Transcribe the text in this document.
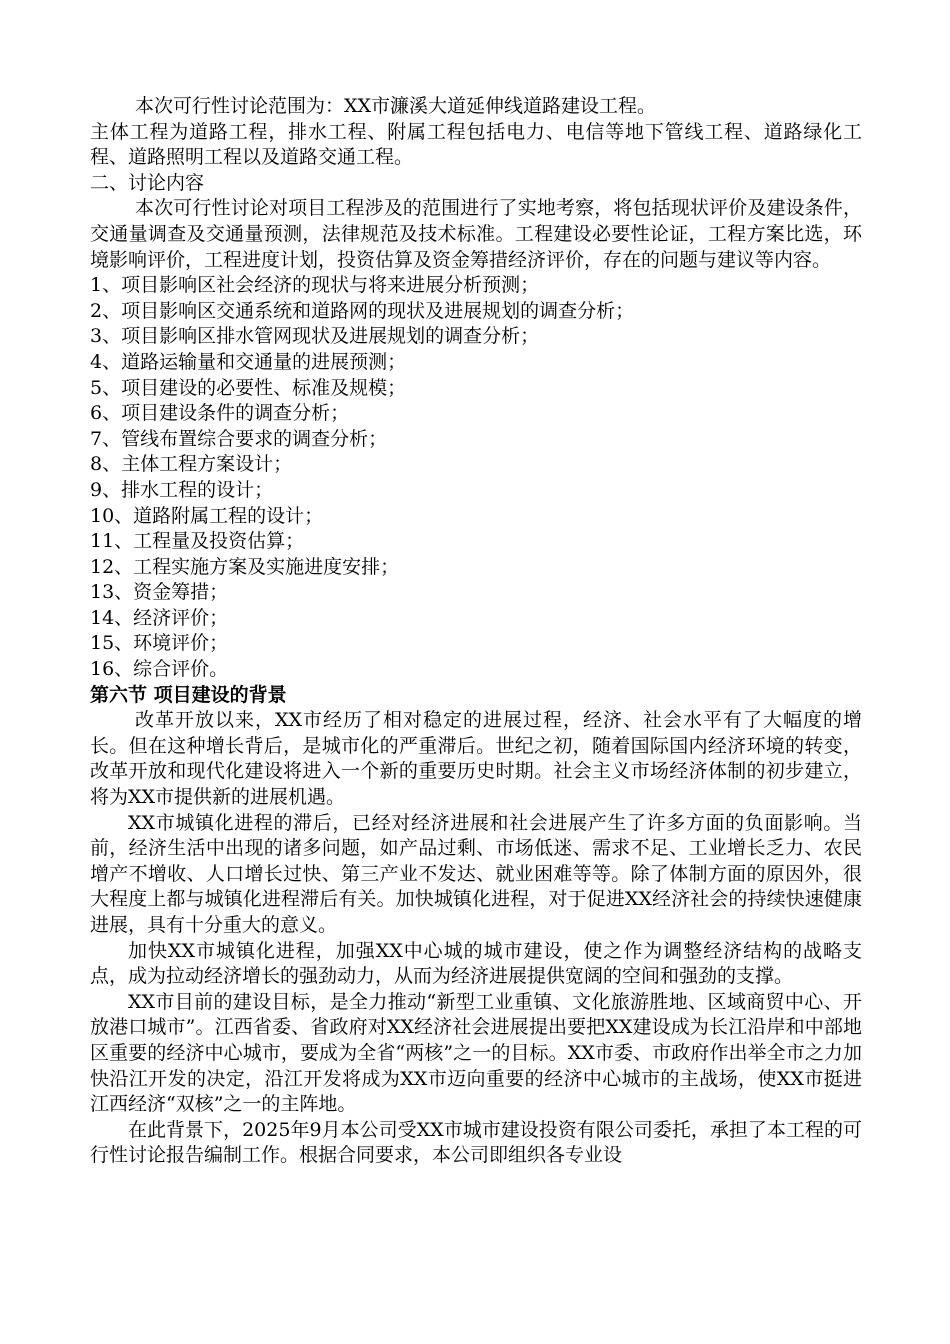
本次可行性讨论范围为：XX市濂溪大道延伸线道路建设工程。

主体工程为道路工程，排水工程、附属工程包括电力、电信等地下管线工程、道路绿化工程、道路照明工程以及道路交通工程。

二、讨论内容

本次可行性讨论对项目工程涉及的范围进行了实地考察，将包括现状评价及建设条件，交通量调查及交通量预测，法律规范及技术标准。工程建设必要性论证，工程方案比选，环境影响评价，工程进度计划，投资估算及资金筹措经济评价，存在的问题与建议等内容。

1、项目影响区社会经济的现状与将来进展分析预测；

2、项目影响区交通系统和道路网的现状及进展规划的调查分析；

3、项目影响区排水管网现状及进展规划的调查分析；

4、道路运输量和交通量的进展预测；

5、项目建设的必要性、标准及规模；

6、项目建设条件的调查分析；

7、管线布置综合要求的调查分析；

8、主体工程方案设计；

9、排水工程的设计；

10、道路附属工程的设计；

11、工程量及投资估算；

12、工程实施方案及实施进度安排；

13、资金筹措；

14、经济评价；

15、环境评价；

16、综合评价。

第六节 项目建设的背景

改革开放以来，XX市经历了相对稳定的进展过程，经济、社会水平有了大幅度的增长。但在这种增长背后，是城市化的严重滞后。世纪之初，随着国际国内经济环境的转变，改革开放和现代化建设将进入一个新的重要历史时期。社会主义市场经济体制的初步建立，将为XX市提供新的进展机遇。

XX市城镇化进程的滞后，已经对经济进展和社会进展产生了许多方面的负面影响。当前，经济生活中出现的诸多问题，如产品过剩、市场低迷、需求不足、工业增长乏力、农民增产不增收、人口增长过快、第三产业不发达、就业困难等等。除了体制方面的原因外，很大程度上都与城镇化进程滞后有关。加快城镇化进程，对于促进XX经济社会的持续快速健康进展，具有十分重大的意义。

加快XX市城镇化进程，加强XX中心城的城市建设，使之作为调整经济结构的战略支点，成为拉动经济增长的强劲动力，从而为经济进展提供宽阔的空间和强劲的支撑。

XX市目前的建设目标，是全力推动“新型工业重镇、文化旅游胜地、区域商贸中心、开放港口城市”。江西省委、省政府对XX经济社会进展提出要把XX建设成为长江沿岸和中部地区重要的经济中心城市，要成为全省“两核”之一的目标。XX市委、市政府作出举全市之力加快沿江开发的决定，沿江开发将成为XX市迈向重要的经济中心城市的主战场，使XX市挺进江西经济“双核”之一的主阵地。

在此背景下，2025年9月本公司受XX市城市建设投资有限公司委托，承担了本工程的可行性讨论报告编制工作。根据合同要求，本公司即组织各专业设
